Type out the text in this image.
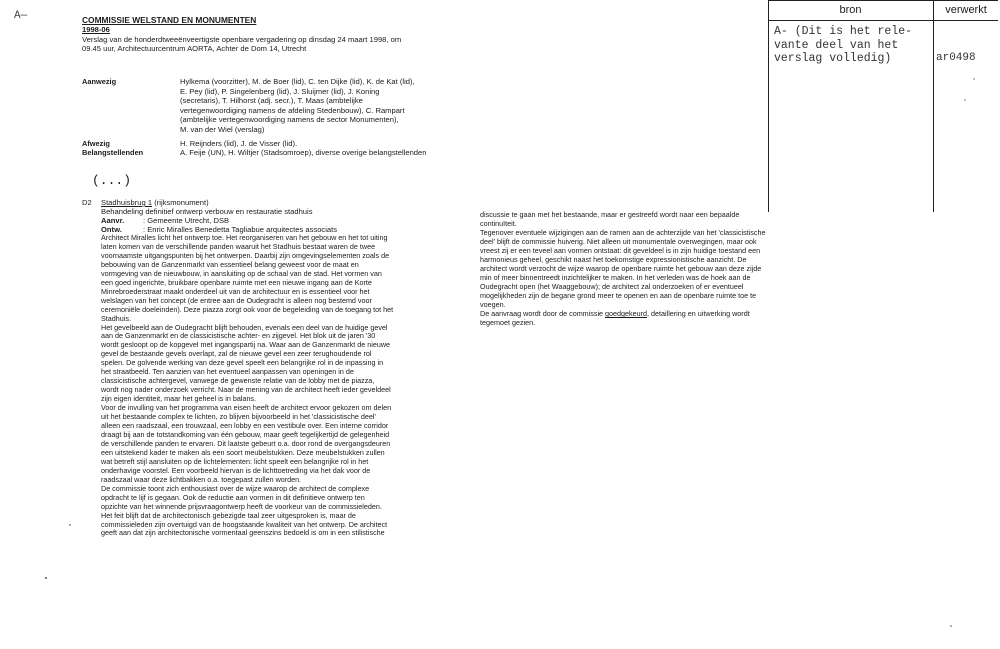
A—	COMMISSIE WELSTAND EN MONUMENTEN
1998-06
Verslag van de honderdtweeënveertigste openbare vergadering op dinsdag 24 maart 1998, om
09.45 uur, Architectuurcentrum AORTA, Achter de Dom 14, Utrecht
Aanwezig	Hylkema (voorzitter), M. de Boer (lid), C. ten Dijke (lid), K. de Kat (lid),
E. Pey (lid), P. Singelenberg (lid), J. Sluijmer (lid), J. Koning
(secretaris), T. Hilhorst (adj. secr.), T. Maas (ambtelijke
vertegenwoordiging namens de afdeling Stedenbouw), C. Rampart
(ambtelijke vertegenwoordiging namens de sector Monumenten),
M. van der Wiel (verslag)

Afwezig	H. Reijnders (lid), J. de Visser (lid).
Belangstellenden	A. Feije (UN), H. Wiltjer (Stadsomroep), diverse overige belangstellenden
(...)
D2 Stadhuisbrug 1 (rijksmonument)
Behandeling definitief ontwerp verbouw en restauratie stadhuis
Aanvr. : Gemeente Utrecht, DSB
Ontw.	: Enric Miralles Benedetta Tagliabue arquitectes associats

Architect Miralles licht het ontwerp toe. Het reorganiseren van het gebouw en het tot uiting
laten komen van de verschillende panden waaruit het Stadhuis bestaat waren de twee
voornaamste uitgangspunten bij het ontwerpen. Daarbij zijn omgevingselementen zoals de
bebouwing van de Ganzenmarkt van essentieel belang geweest voor de maat en
vormgeving van de nieuwbouw, in aansluiting op de schaal van de stad. Het vormen van
een goed ingerichte, bruikbare openbare ruimte met een nieuwe ingang aan de Korte
Minrebroederstraat maakt onderdeel uit van de architectuur en is essentieel voor het
welslagen van het concept (de entree aan de Oudegracht is alleen nog bestemd voor
ceremoniële doeleinden). Deze piazza zorgt ook voor de begeleiding van de toegang tot het
Stadhuis.
Het gevelbeeld aan de Oudegracht blijft behouden, evenals een deel van de huidige gevel
aan de Ganzenmarkt en de classicistische achter- en zijgevel. Het blok uit de jaren '30
wordt gesloopt op de kopgevel met ingangspartij na. Waar aan de Ganzenmarkt de nieuwe
gevel de bestaande gevels overlapt, zal de nieuwe gevel een zeer terughoudende rol
spelen. De golvende werking van deze gevel speelt een belangrijke rol in de inpassing in
het straatbeeld. Ten aanzien van het eventueel aanpassen van openingen in de
classicistische achtergevel, vanwege de gewenste relatie van de lobby met de piazza,
wordt nog nader onderzoek verricht. Naar de mening van de architect heeft ieder geveldeel
zijn eigen identiteit, maar het geheel is in balans.
Voor de invulling van het programma van eisen heeft de architect ervoor gekozen om delen
uit het bestaande complex te lichten, zo blijven bijvoorbeeld in het 'classicistische deel'
alleen een raadszaal, een trouwzaal, een lobby en een vestibule over. Een interne corridor
draagt bij aan de totstandkoming van één gebouw, maar geeft tegelijkertijd de gelegenheid
de verschillende panden te ervaren. Dit laatste gebeurt o.a. door rond de overgangsdeuren
een uitstekend kader te maken als een soort meubelstukken. Deze meubelstukken zullen
wat betreft stijl aansluiten op de lichtelementen: licht speelt een belangrijke rol in het
onderhavige voorstel. Een voorbeeld hiervan is de lichttoetreding via het dak voor de
raadszaal waar deze lichtbakken o.a. toegepast zullen worden.
De commissie toont zich enthousiast over de wijze waarop de architect de complexe
opdracht te lijf is gegaan. Ook de reductie aan vormen in dit definitieve ontwerp ten
opzichte van het winnende prijsvraagontwerp heeft de voorkeur van de commissieleden.
Het feit blijft dat de architectonisch gebezigde taal zeer uitgesproken is, maar de
commissieleden zijn overtuigd van de hoogstaande kwaliteit van het ontwerp. De architect
geeft aan dat zijn architectonische vormentaal geenszins bedoeld is om in een stilistische

discussie te gaan met het bestaande, maar er gestreefd wordt naar een bepaalde
continuïteit.
Tegenover eventuele wijzigingen aan de ramen aan de achterzijde van het 'classicistische
deel' blijft de commissie huiverig. Niet alleen uit monumentale overwegingen, maar ook
vreest zij er een teveel aan vormen ontstaat: dit geveldeel is in zijn huidige toestand een
harmonieus geheel, geschikt naast het toekomstige expressionistische aanzicht. De
architect wordt verzocht de wijze waarop de openbare ruimte het gebouw aan deze zijde
min of meer binnentreedt inzichtelijker te maken. In het verleden was de hoek aan de
Oudegracht open (het Waaggebouw); de architect zal onderzoeken of er eventueel
mogelijkheden zijn de begane grond meer te openen en aan de openbare ruimte toe te
voegen.

De aanvraag wordt door de commissie goedgekeurd, detaillering en uitwerking wordt
tegemoet gezien.

bron	verwerkt

A- (Dit is het rele-
vante deel van het
verslag volledig)	ar0498
